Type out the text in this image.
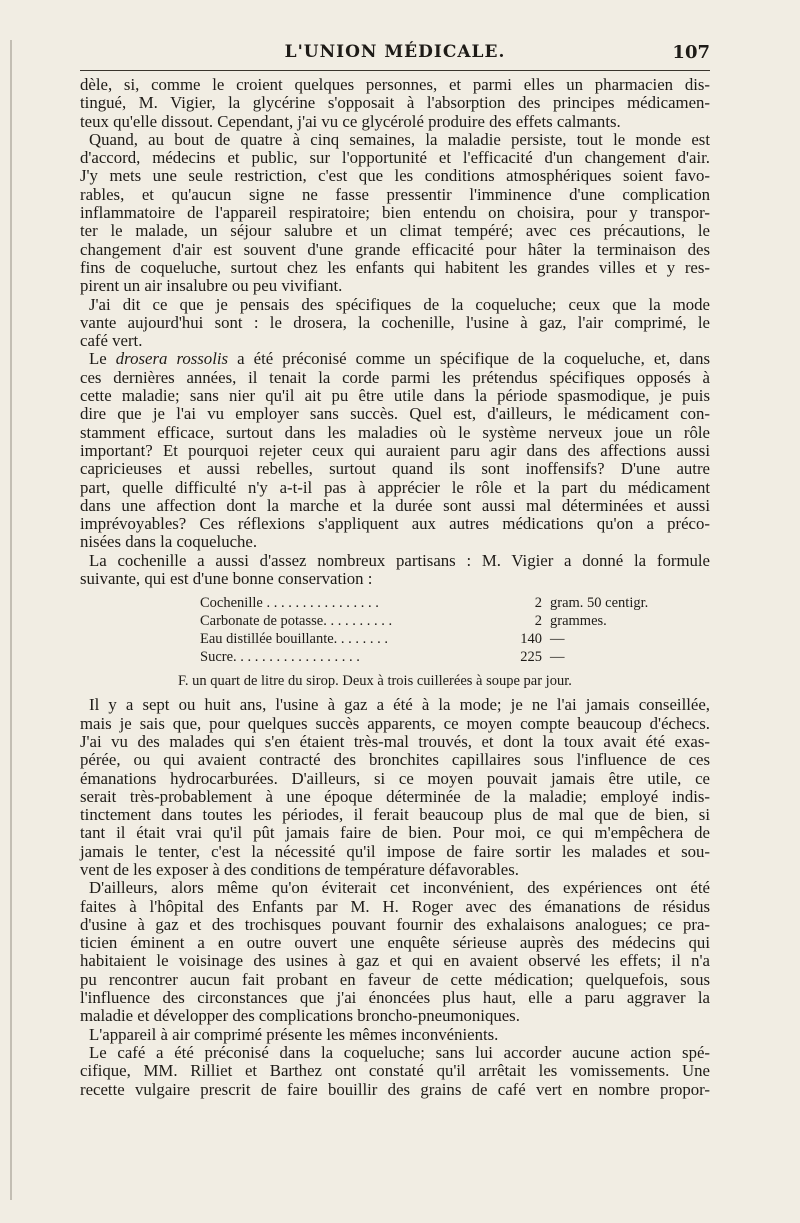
L'UNION MÉDICALE.	107
dèle, si, comme le croient quelques personnes, et parmi elles un pharmacien dis-
tingué, M. Vigier, la glycérine s'opposait à l'absorption des principes médicamen-
teux qu'elle dissout. Cependant, j'ai vu ce glycérolé produire des effets calmants.
Quand, au bout de quatre à cinq semaines, la maladie persiste, tout le monde est
d'accord, médecins et public, sur l'opportunité et l'efficacité d'un changement d'air.
J'y mets une seule restriction, c'est que les conditions atmosphériques soient favo-
rables, et qu'aucun signe ne fasse pressentir l'imminence d'une complication
inflammatoire de l'appareil respiratoire; bien entendu on choisira, pour y transpor-
ter le malade, un séjour salubre et un climat tempéré; avec ces précautions, le
changement d'air est souvent d'une grande efficacité pour hâter la terminaison des
fins de coqueluche, surtout chez les enfants qui habitent les grandes villes et y res-
pirent un air insalubre ou peu vivifiant.
J'ai dit ce que je pensais des spécifiques de la coqueluche; ceux que la mode
vante aujourd'hui sont : le drosera, la cochenille, l'usine à gaz, l'air comprimé, le
café vert.
Le drosera rossolis a été préconisé comme un spécifique de la coqueluche, et, dans
ces dernières années, il tenait la corde parmi les prétendus spécifiques opposés à
cette maladie; sans nier qu'il ait pu être utile dans la période spasmodique, je puis
dire que je l'ai vu employer sans succès. Quel est, d'ailleurs, le médicament con-
stamment efficace, surtout dans les maladies où le système nerveux joue un rôle
important? Et pourquoi rejeter ceux qui auraient paru agir dans des affections aussi
capricieuses et aussi rebelles, surtout quand ils sont inoffensifs? D'une autre
part, quelle difficulté n'y a-t-il pas à apprécier le rôle et la part du médicament
dans une affection dont la marche et la durée sont aussi mal déterminées et aussi
imprévoyables? Ces réflexions s'appliquent aux autres médications qu'on a préco-
nisées dans la coqueluche.
La cochenille a aussi d'assez nombreux partisans : M. Vigier a donné la formule
suivante, qui est d'une bonne conservation :
Cochenille . . . . . . . . . . . . . . . .	2 gram. 50 centigr.
Carbonate de potasse. . . . . . . . . .	2 grammes.
Eau distillée bouillante. . . . . . . .	140 —
Sucre. . . . . . . . . . . . . . . . . .	225 —
F. un quart de litre du sirop. Deux à trois cuillerées à soupe par jour.
Il y a sept ou huit ans, l'usine à gaz a été à la mode; je ne l'ai jamais conseillée,
mais je sais que, pour quelques succès apparents, ce moyen compte beaucoup d'échecs.
J'ai vu des malades qui s'en étaient très-mal trouvés, et dont la toux avait été exas-
pérée, ou qui avaient contracté des bronchites capillaires sous l'influence de ces
émanations hydrocarburées. D'ailleurs, si ce moyen pouvait jamais être utile, ce
serait très-probablement à une époque déterminée de la maladie; employé indis-
tinctement dans toutes les périodes, il ferait beaucoup plus de mal que de bien, si
tant il était vrai qu'il pût jamais faire de bien. Pour moi, ce qui m'empêchera de
jamais le tenter, c'est la nécessité qu'il impose de faire sortir les malades et sou-
vent de les exposer à des conditions de température défavorables.
D'ailleurs, alors même qu'on éviterait cet inconvénient, des expériences ont été
faites à l'hôpital des Enfants par M. H. Roger avec des émanations de résidus
d'usine à gaz et des trochisques pouvant fournir des exhalaisons analogues; ce pra-
ticien éminent a en outre ouvert une enquête sérieuse auprès des médecins qui
habitaient le voisinage des usines à gaz et qui en avaient observé les effets; il n'a
pu rencontrer aucun fait probant en faveur de cette médication; quelquefois, sous
l'influence des circonstances que j'ai énoncées plus haut, elle a paru aggraver la
maladie et développer des complications broncho-pneumoniques.
L'appareil à air comprimé présente les mêmes inconvénients.
Le café a été préconisé dans la coqueluche; sans lui accorder aucune action spé-
cifique, MM. Rilliet et Barthez ont constaté qu'il arrêtait les vomissements. Une
recette vulgaire prescrit de faire bouillir des grains de café vert en nombre propor-
